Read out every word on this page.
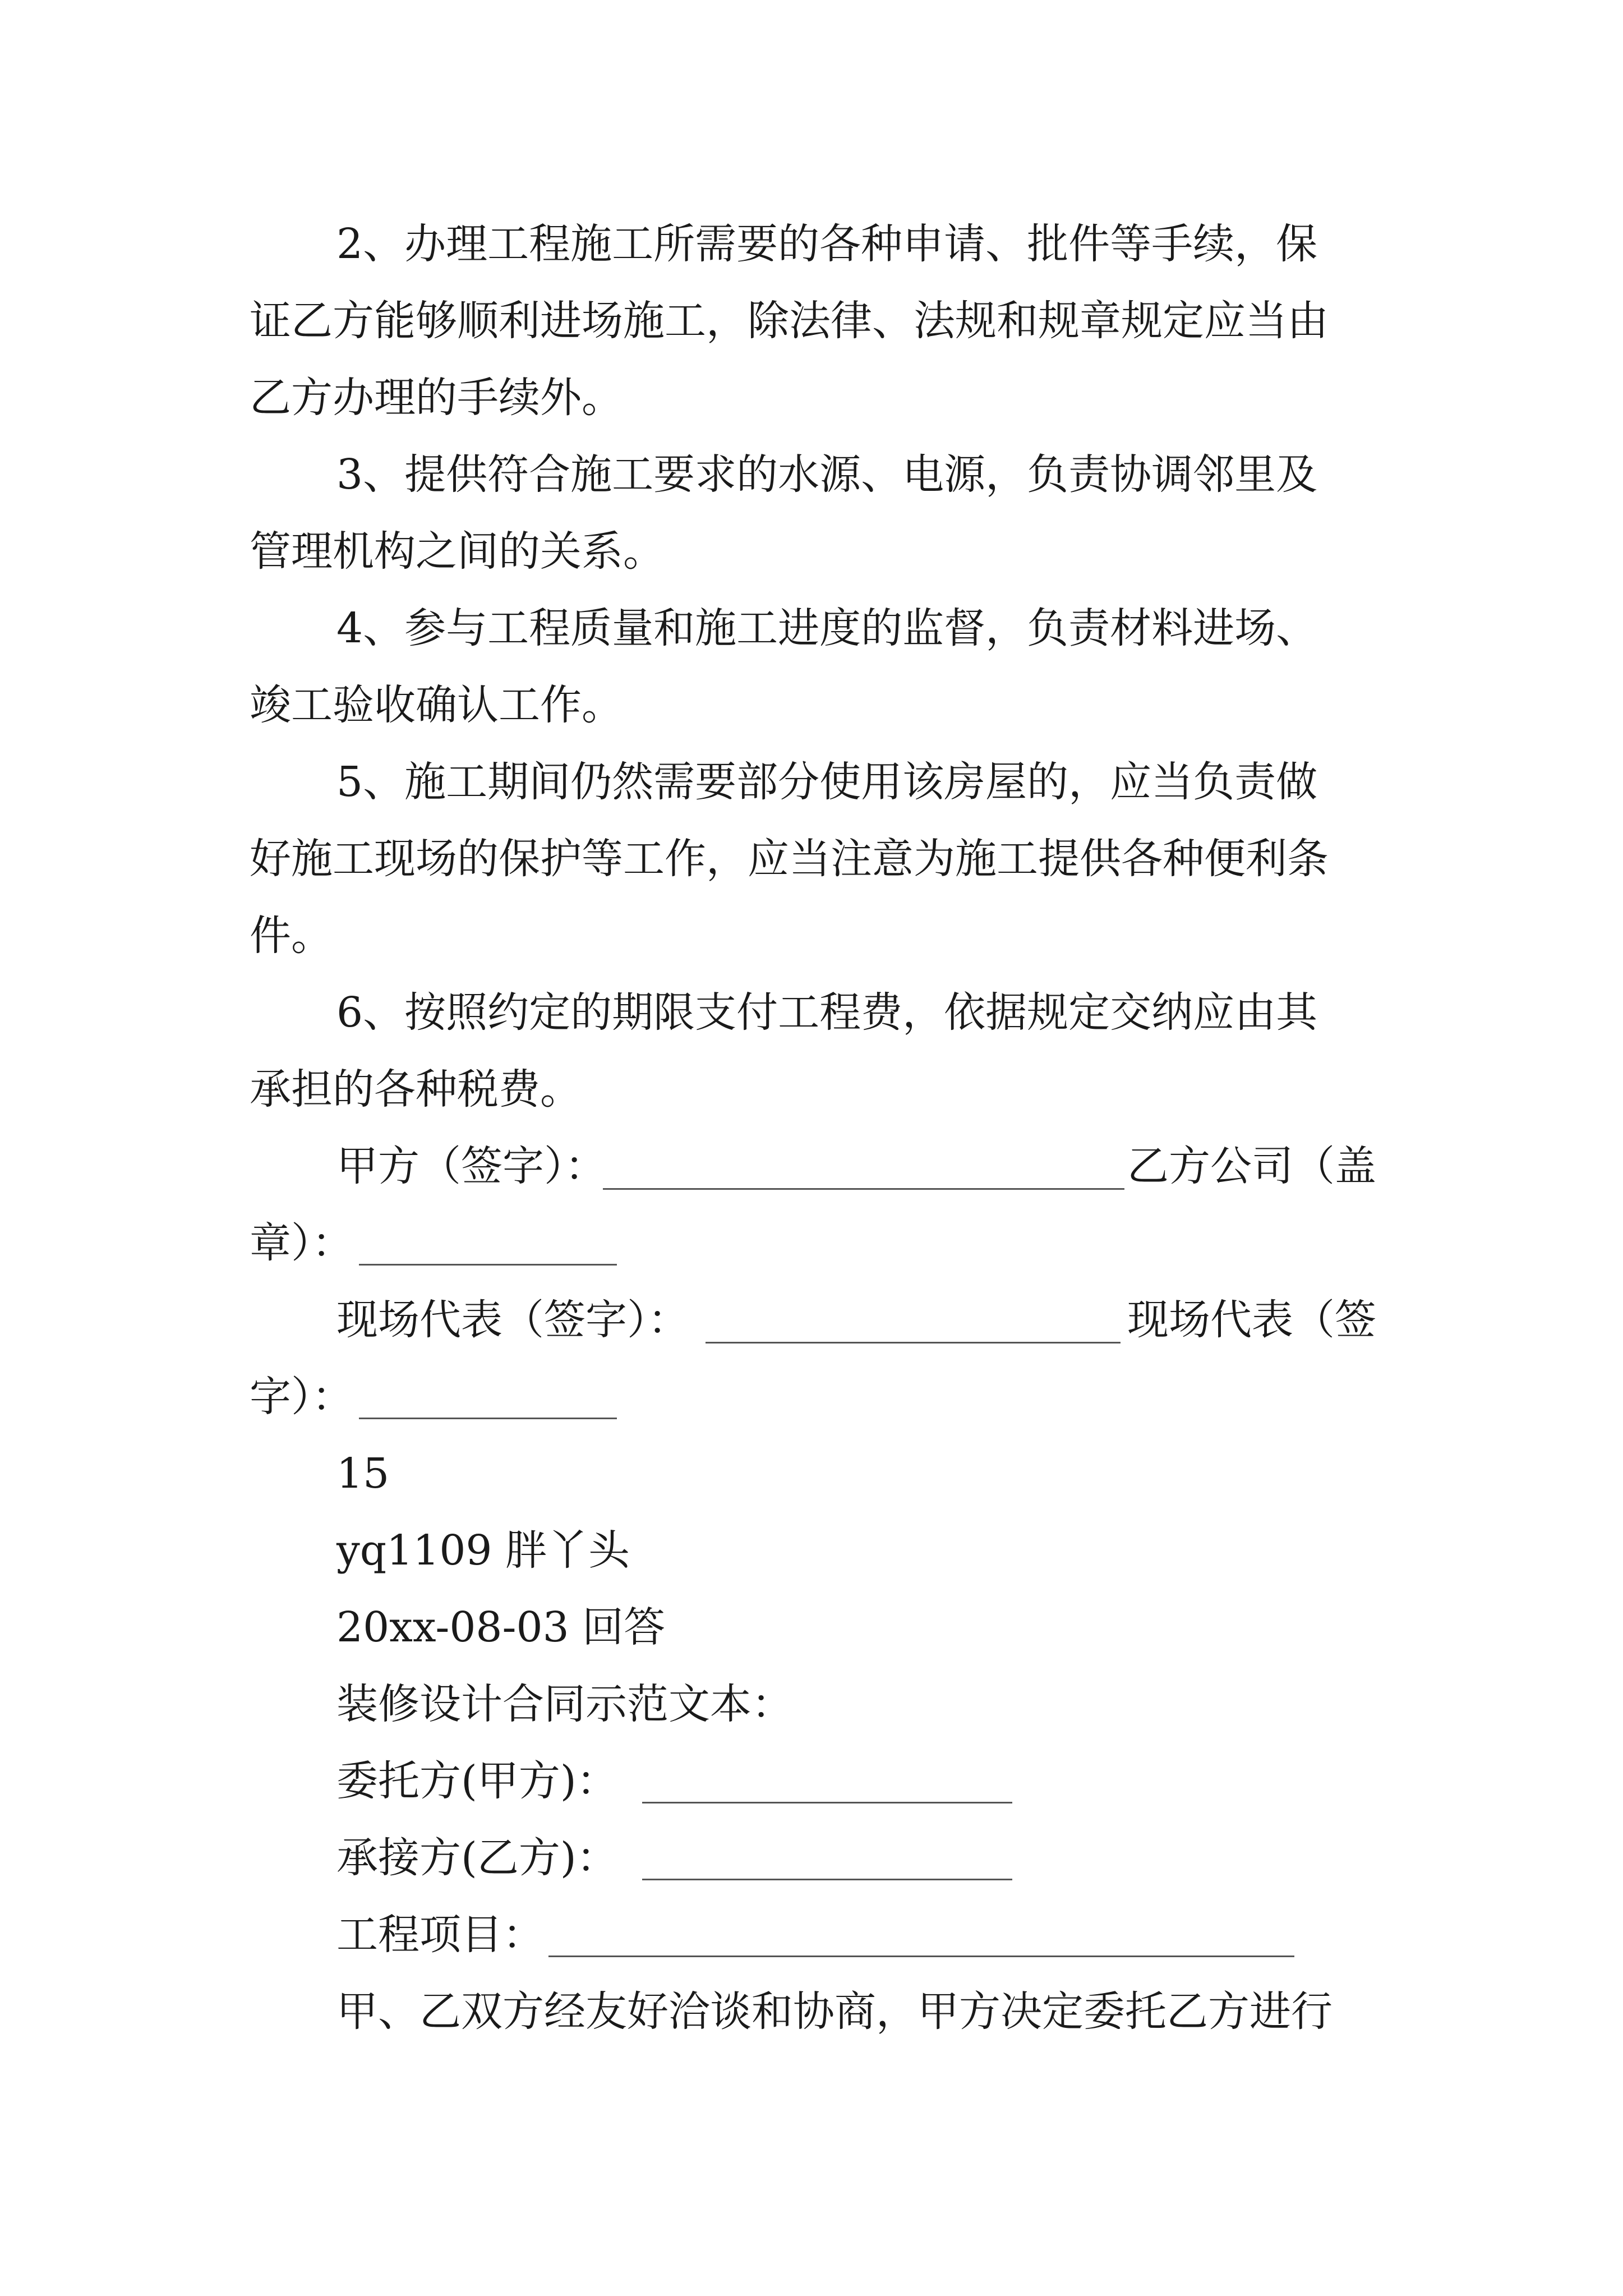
2、办理工程施工所需要的各种申请、批件等手续，保
证乙方能够顺利进场施工，除法律、法规和规章规定应当由
乙方办理的手续外。
3、提供符合施工要求的水源、电源，负责协调邻里及
管理机构之间的关系。
4、参与工程质量和施工进度的监督，负责材料进场、
竣工验收确认工作。
5、施工期间仍然需要部分使用该房屋的，应当负责做
好施工现场的保护等工作，应当注意为施工提供各种便利条
件。
6、按照约定的期限支付工程费，依据规定交纳应由其
承担的各种税费。
甲方（签字）：	乙方公司（盖
章）：
现场代表（签字）：	现场代表（签
字）：
15
yq1109 胖丫头
20xx-08-03 回答
装修设计合同示范文本：
委托方(甲方)：
承接方(乙方)：
工程项目：
甲、乙双方经友好洽谈和协商，甲方决定委托乙方进行
